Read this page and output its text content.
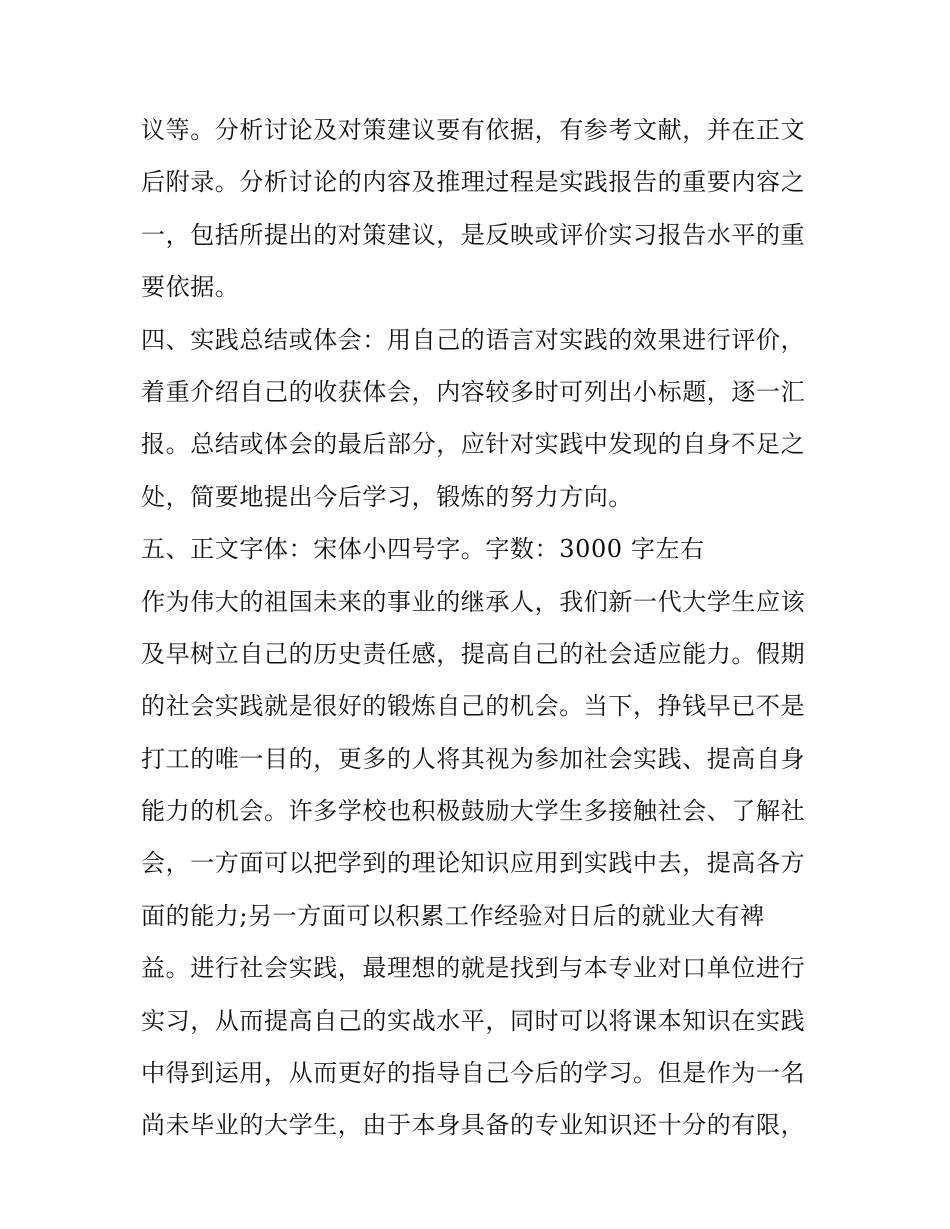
议等。分析讨论及对策建议要有依据，有参考文献，并在正文
后附录。分析讨论的内容及推理过程是实践报告的重要内容之
一，包括所提出的对策建议，是反映或评价实习报告水平的重
要依据。
四、实践总结或体会：用自己的语言对实践的效果进行评价，
着重介绍自己的收获体会，内容较多时可列出小标题，逐一汇
报。总结或体会的最后部分，应针对实践中发现的自身不足之
处，简要地提出今后学习，锻炼的努力方向。
五、正文字体：宋体小四号字。字数：3000 字左右
作为伟大的祖国未来的事业的继承人，我们新一代大学生应该
及早树立自己的历史责任感，提高自己的社会适应能力。假期
的社会实践就是很好的锻炼自己的机会。当下，挣钱早已不是
打工的唯一目的，更多的人将其视为参加社会实践、提高自身
能力的机会。许多学校也积极鼓励大学生多接触社会、了解社
会，一方面可以把学到的理论知识应用到实践中去，提高各方
面的能力;另一方面可以积累工作经验对日后的就业大有裨
益。进行社会实践，最理想的就是找到与本专业对口单位进行
实习，从而提高自己的实战水平，同时可以将课本知识在实践
中得到运用，从而更好的指导自己今后的学习。但是作为一名
尚未毕业的大学生，由于本身具备的专业知识还十分的有限，
